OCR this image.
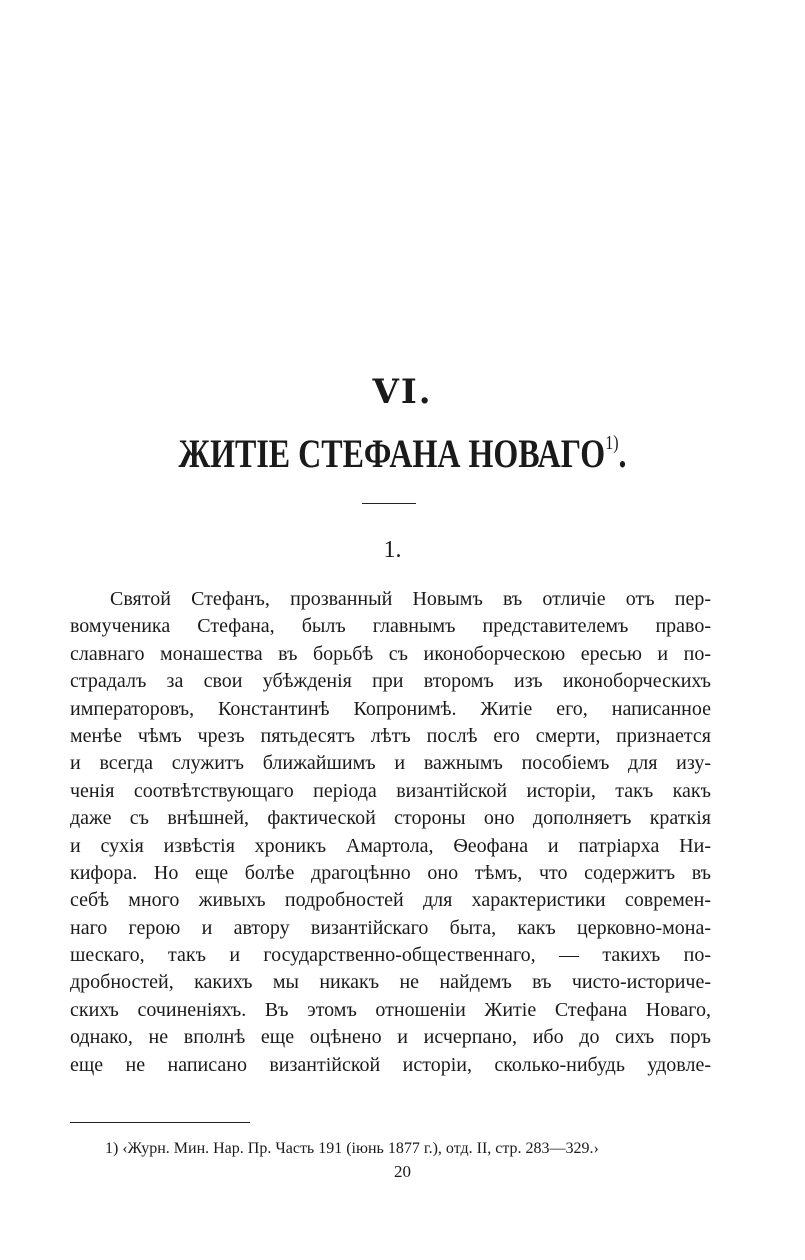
VI.
ЖИТІЕ СТЕФАНА НОВАГО$^{1)}$.
1.
Святой Стефанъ, прозванный Новымъ въ отличіе отъ пер-
вомученика Стефана, былъ главнымъ представителемъ право-
славнаго монашества въ борьбѣ съ иконоборческою ересью и по-
страдалъ за свои убѣжденія при второмъ изъ иконоборческихъ
императоровъ, Константинѣ Копронимѣ. Житіе его, написанное
менѣе чѣмъ чрезъ пятьдесятъ лѣтъ послѣ его смерти, признается
и всегда служитъ ближайшимъ и важнымъ пособіемъ для изу-
ченія соотвѣтствующаго періода византійской исторіи, такъ какъ
даже съ внѣшней, фактической стороны оно дополняетъ краткія
и сухія извѣстія хроникъ Амартола, Ѳеофана и патріарха Ни-
кифора. Но еще болѣе драгоцѣнно оно тѣмъ, что содержитъ въ
себѣ много живыхъ подробностей для характеристики современ-
наго герою и автору византійскаго быта, какъ церковно-мона-
шескаго, такъ и государственно-общественнаго, — такихъ по-
дробностей, какихъ мы никакъ не найдемъ въ чисто-историче-
скихъ сочиненіяхъ. Въ этомъ отношеніи Житіе Стефана Новаго,
однако, не вполнѣ еще оцѣнено и исчерпано, ибо до сихъ поръ
еще не написано византійской исторіи, сколько-нибудь удовле-
1) ‹Журн. Мин. Нар. Пр. Часть 191 (іюнь 1877 г.), отд. II, стр. 283—329.›
20
